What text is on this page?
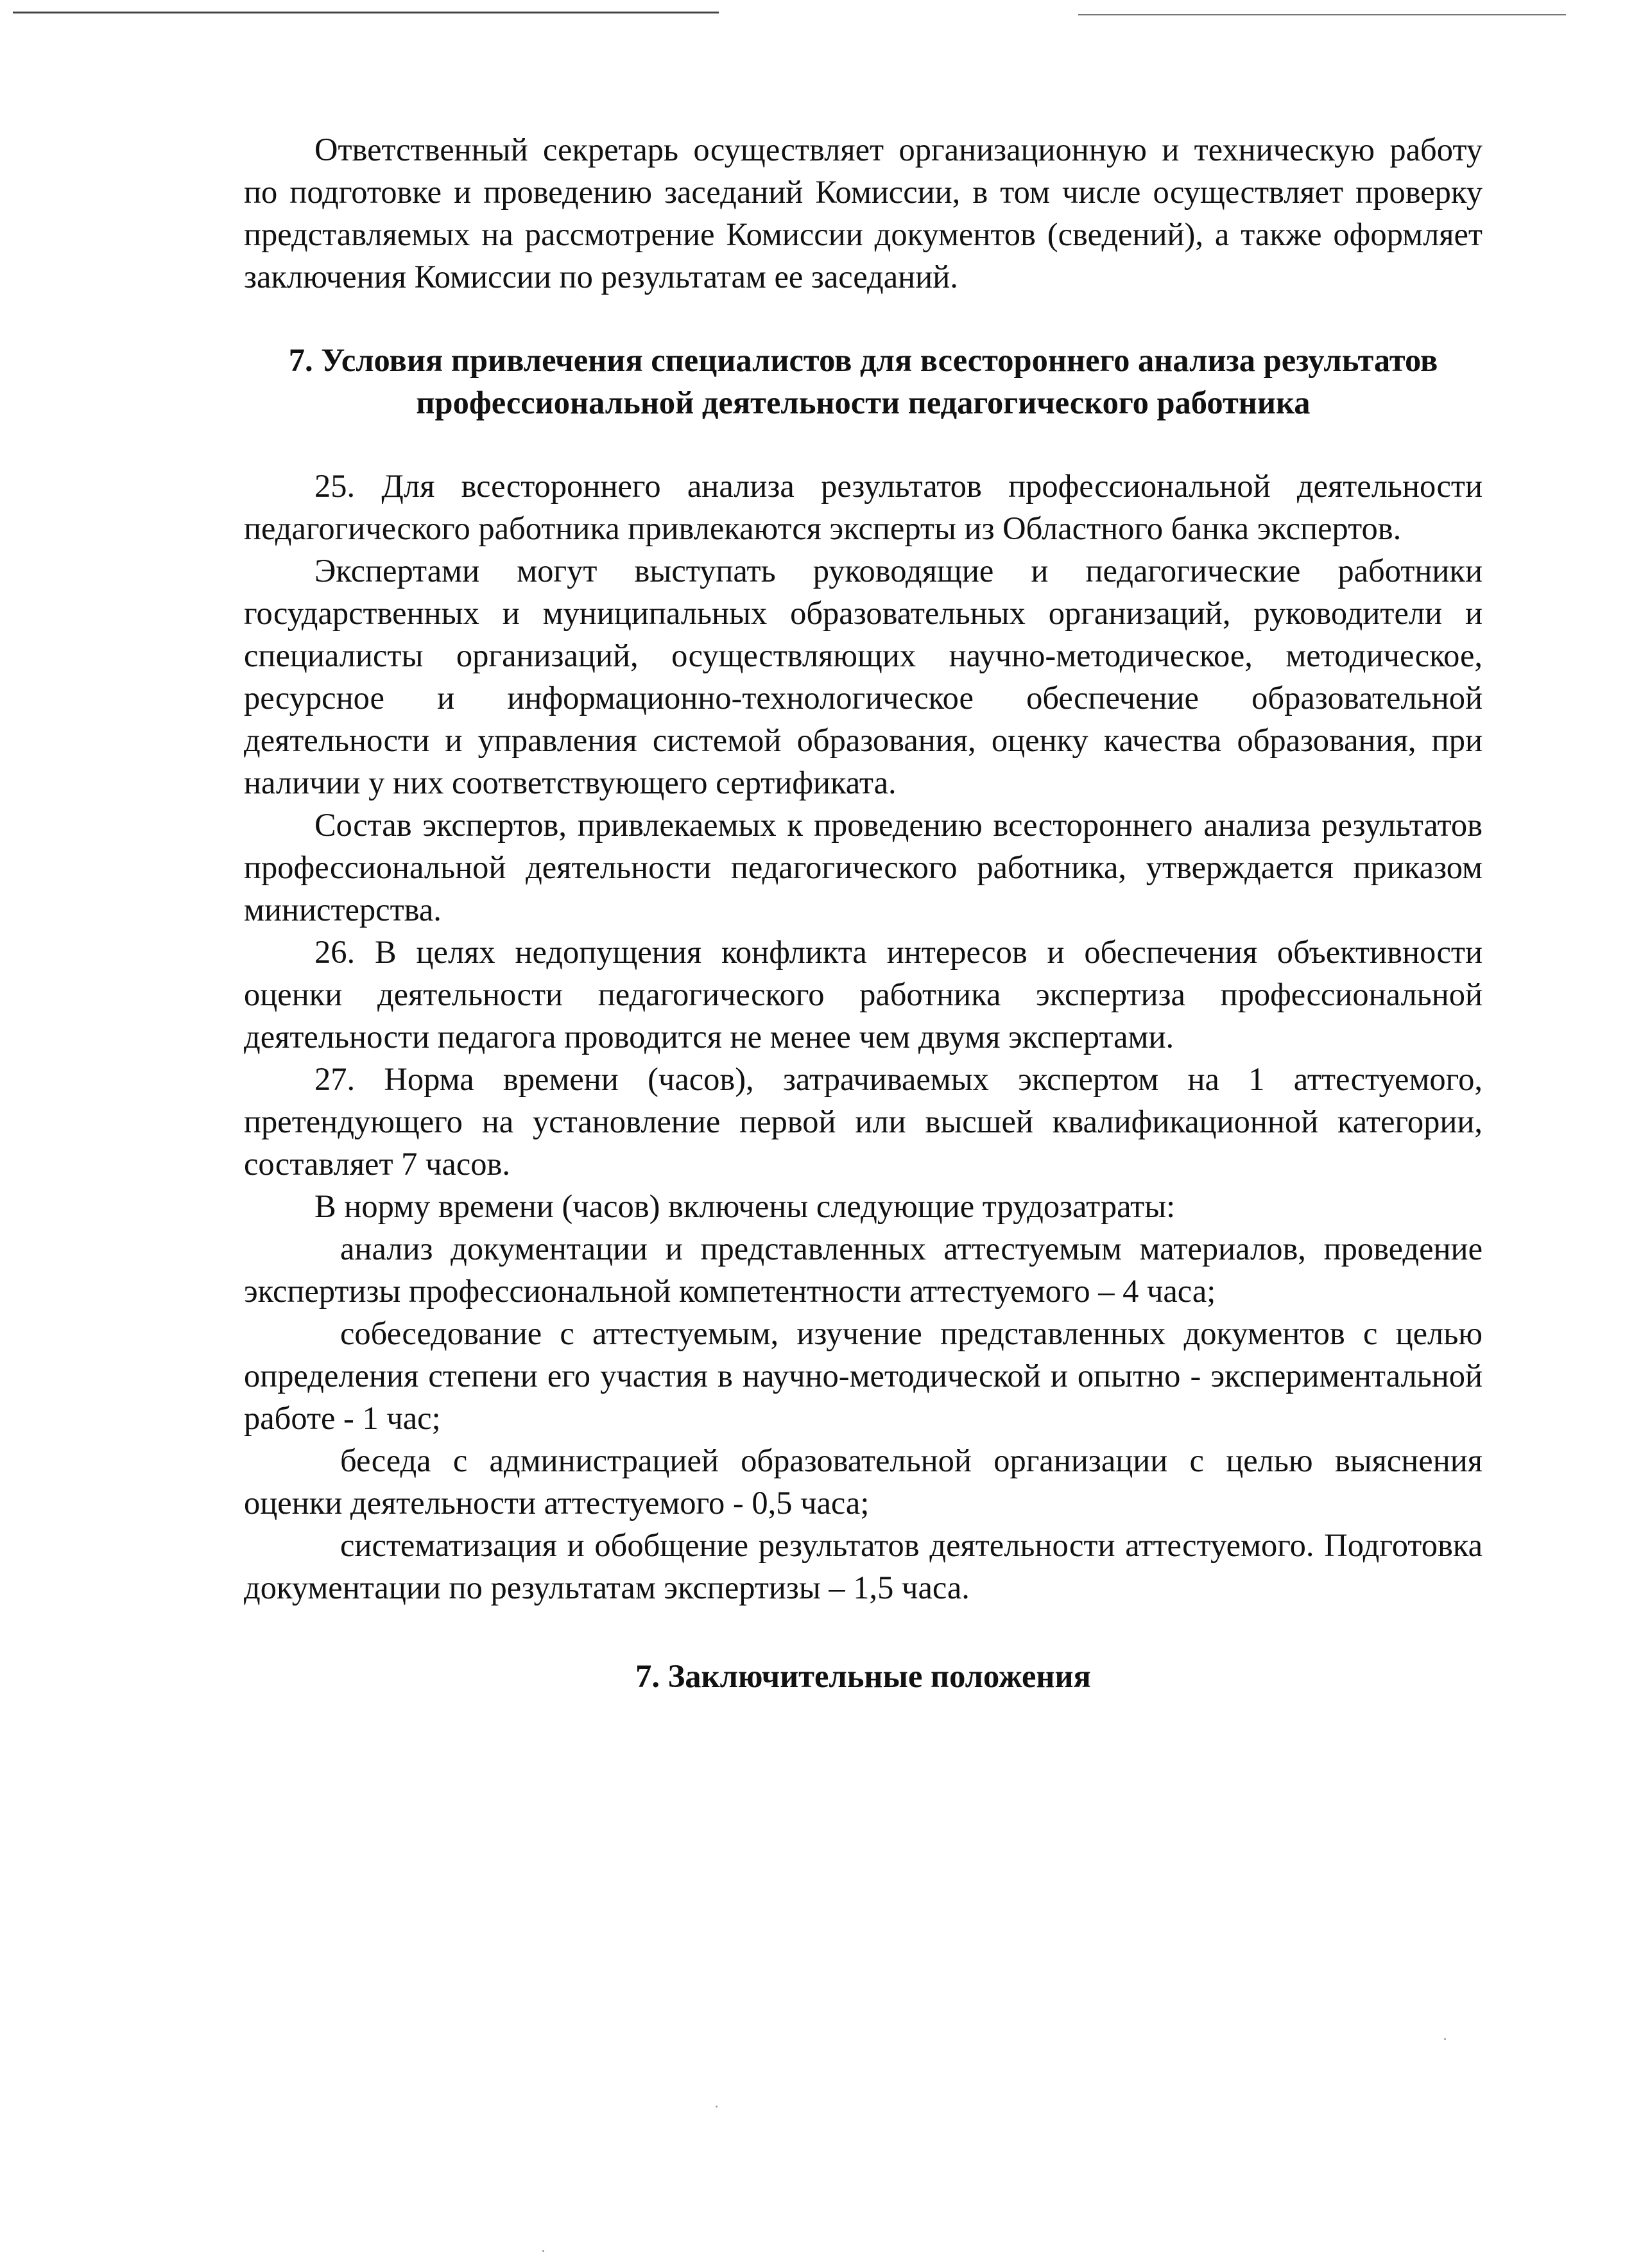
Ответственный секретарь осуществляет организационную и техническую работу по подготовке и проведению заседаний Комиссии, в том числе осуществляет проверку представляемых на рассмотрение Комиссии документов (сведений), а также оформляет заключения Комиссии по результатам ее заседаний.

7. Условия привлечения специалистов для всестороннего анализа результатов профессиональной деятельности педагогического работника

25. Для всестороннего анализа результатов профессиональной деятельности педагогического работника привлекаются эксперты из Областного банка экспертов.

Экспертами могут выступать руководящие и педагогические работники государственных и муниципальных образовательных организаций, руководители и специалисты организаций, осуществляющих научно-методическое, методическое, ресурсное и информационно-технологическое обеспечение образовательной деятельности и управления системой образования, оценку качества образования, при наличии у них соответствующего сертификата.

Состав экспертов, привлекаемых к проведению всестороннего анализа результатов профессиональной деятельности педагогического работника, утверждается приказом министерства.

26. В целях недопущения конфликта интересов и обеспечения объективности оценки деятельности педагогического работника экспертиза профессиональной деятельности педагога проводится не менее чем двумя экспертами.

27. Норма времени (часов), затрачиваемых экспертом на 1 аттестуемого, претендующего на установление первой или высшей квалификационной категории, составляет 7 часов.

В норму времени (часов) включены следующие трудозатраты:

анализ документации и представленных аттестуемым материалов, проведение экспертизы профессиональной компетентности аттестуемого – 4 часа;

собеседование с аттестуемым, изучение представленных документов с целью определения степени его участия в научно-методической и опытно - экспериментальной работе - 1 час;

беседа с администрацией образовательной организации с целью выяснения оценки деятельности аттестуемого - 0,5 часа;

систематизация и обобщение результатов деятельности аттестуемого. Подготовка документации по результатам экспертизы – 1,5 часа.

7. Заключительные положения
